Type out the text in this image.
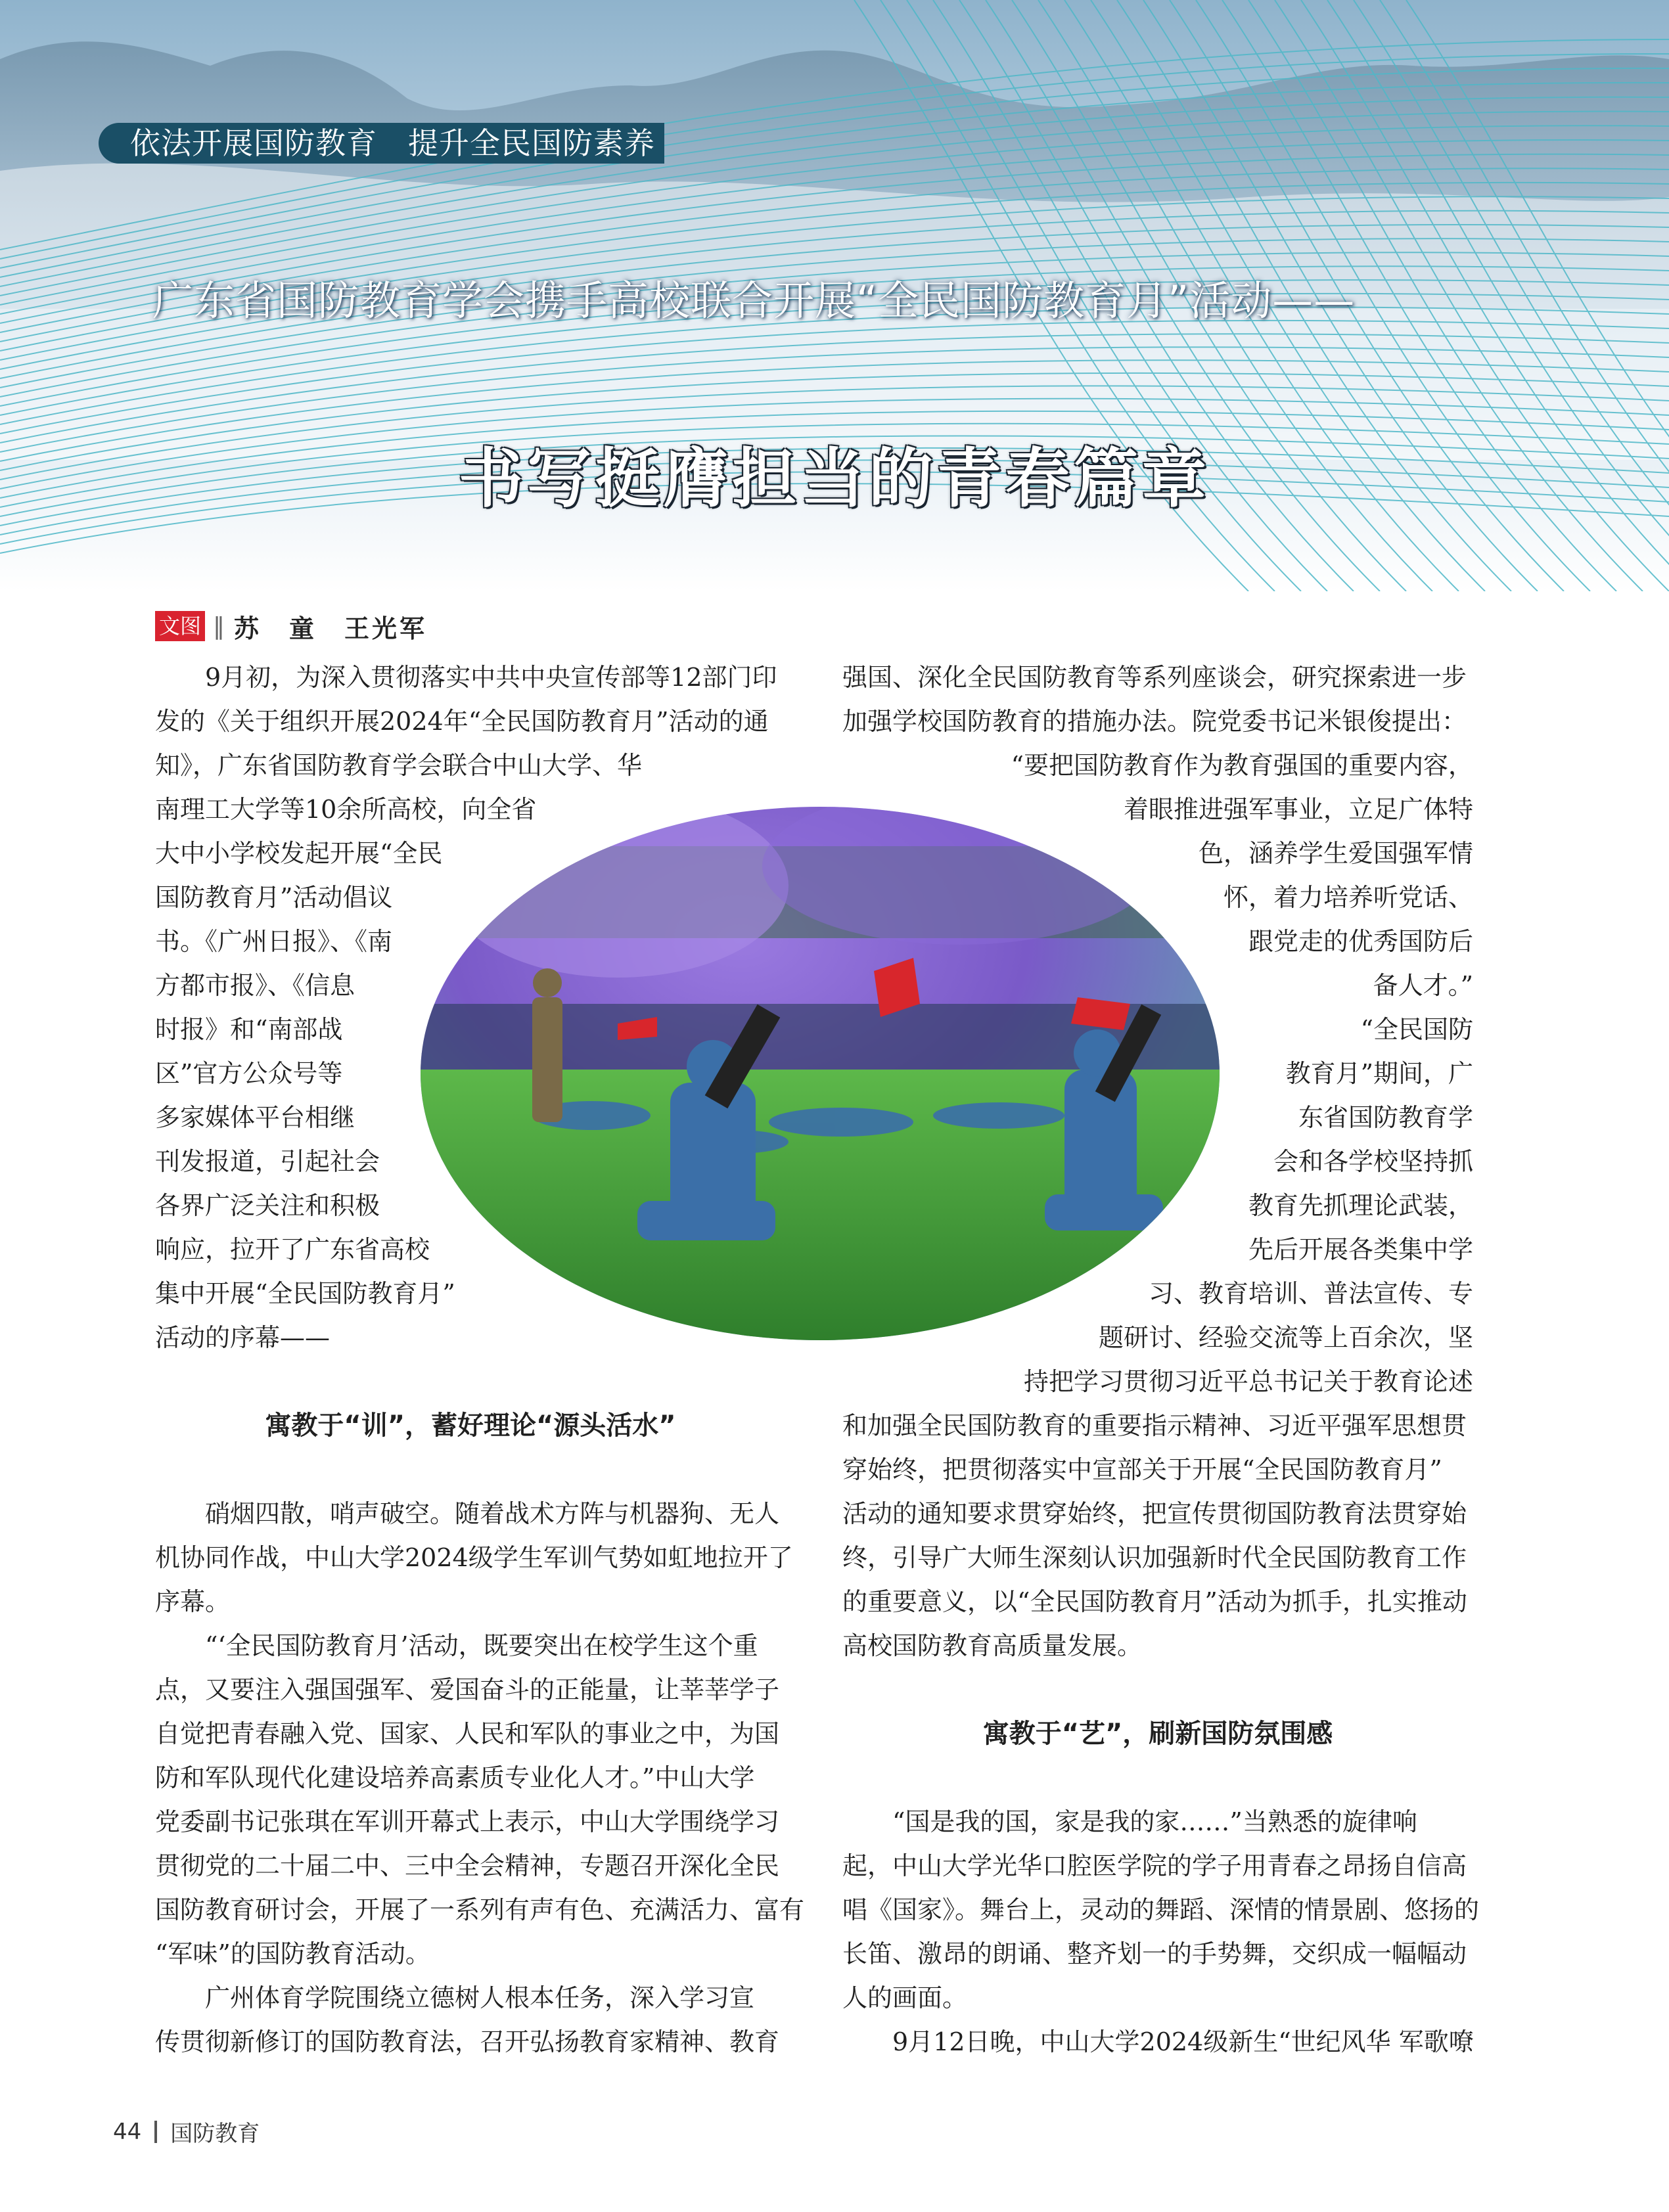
依法开展国防教育　提升全民国防素养
广东省国防教育学会携手高校联合开展“全民国防教育月”活动——
书写挺膺担当的青春篇章
文图 ‖ 苏　童　王光军
9月初，为深入贯彻落实中共中央宣传部等12部门印
发的《关于组织开展2024年“全民国防教育月”活动的通
知》，广东省国防教育学会联合中山大学、华
南理工大学等10余所高校，向全省
大中小学校发起开展“全民
国防教育月”活动倡议
书。《广州日报》、《南
方都市报》、《信息
时报》和“南部战
区”官方公众号等
多家媒体平台相继
刊发报道，引起社会
各界广泛关注和积极
响应，拉开了广东省高校
集中开展“全民国防教育月”
活动的序幕——
寓教于“训”，蓄好理论“源头活水”
硝烟四散，哨声破空。随着战术方阵与机器狗、无人
机协同作战，中山大学2024级学生军训气势如虹地拉开了
序幕。
“‘全民国防教育月’活动，既要突出在校学生这个重
点，又要注入强国强军、爱国奋斗的正能量，让莘莘学子
自觉把青春融入党、国家、人民和军队的事业之中，为国
防和军队现代化建设培养高素质专业化人才。”中山大学
党委副书记张琪在军训开幕式上表示，中山大学围绕学习
贯彻党的二十届二中、三中全会精神，专题召开深化全民
国防教育研讨会，开展了一系列有声有色、充满活力、富有
“军味”的国防教育活动。
广州体育学院围绕立德树人根本任务，深入学习宣
传贯彻新修订的国防教育法，召开弘扬教育家精神、教育
强国、深化全民国防教育等系列座谈会，研究探索进一步
加强学校国防教育的措施办法。院党委书记米银俊提出：
“要把国防教育作为教育强国的重要内容，
着眼推进强军事业，立足广体特
色，涵养学生爱国强军情
怀，着力培养听党话、
跟党走的优秀国防后
备人才。”
“全民国防
教育月”期间，广
东省国防教育学
会和各学校坚持抓
教育先抓理论武装，
先后开展各类集中学
习、教育培训、普法宣传、专
题研讨、经验交流等上百余次，坚
持把学习贯彻习近平总书记关于教育论述
和加强全民国防教育的重要指示精神、习近平强军思想贯
穿始终，把贯彻落实中宣部关于开展“全民国防教育月”
活动的通知要求贯穿始终，把宣传贯彻国防教育法贯穿始
终，引导广大师生深刻认识加强新时代全民国防教育工作
的重要意义，以“全民国防教育月”活动为抓手，扎实推动
高校国防教育高质量发展。
寓教于“艺”，刷新国防氛围感
“国是我的国，家是我的家……”当熟悉的旋律响
起，中山大学光华口腔医学院的学子用青春之昂扬自信高
唱《国家》。舞台上，灵动的舞蹈、深情的情景剧、悠扬的
长笛、激昂的朗诵、整齐划一的手势舞，交织成一幅幅动
人的画面。
9月12日晚，中山大学2024级新生“世纪风华 军歌嘹
44 国防教育
